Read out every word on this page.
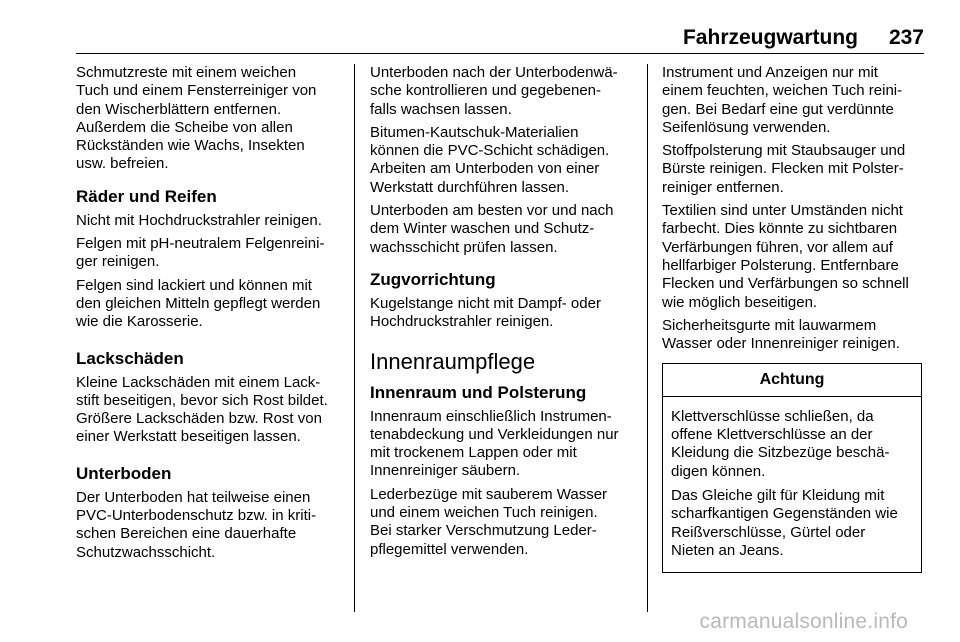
Fahrzeugwartung 237

Schmutzreste mit einem weichen
Tuch und einem Fensterreiniger von
den Wischerblättern entfernen.
Außerdem die Scheibe von allen
Rückständen wie Wachs, Insekten
usw. befreien.

Räder und Reifen

Nicht mit Hochdruckstrahler reinigen.

Felgen mit pH-neutralem Felgenreini-
ger reinigen.

Felgen sind lackiert und können mit
den gleichen Mitteln gepflegt werden
wie die Karosserie.

Lackschäden

Kleine Lackschäden mit einem Lack-
stift beseitigen, bevor sich Rost bildet.
Größere Lackschäden bzw. Rost von
einer Werkstatt beseitigen lassen.

Unterboden

Der Unterboden hat teilweise einen
PVC-Unterbodenschutz bzw. in kriti-
schen Bereichen eine dauerhafte
Schutzwachsschicht.

Unterboden nach der Unterbodenwä-
sche kontrollieren und gegebenen-
falls wachsen lassen.

Bitumen-Kautschuk-Materialien
können die PVC-Schicht schädigen.
Arbeiten am Unterboden von einer
Werkstatt durchführen lassen.

Unterboden am besten vor und nach
dem Winter waschen und Schutz-
wachsschicht prüfen lassen.

Zugvorrichtung

Kugelstange nicht mit Dampf- oder
Hochdruckstrahler reinigen.

Innenraumpflege
Innenraum und Polsterung

Innenraum einschließlich Instrumen-
tenabdeckung und Verkleidungen nur
mit trockenem Lappen oder mit
Innenreiniger säubern.

Lederbezüge mit sauberem Wasser
und einem weichen Tuch reinigen.
Bei starker Verschmutzung Leder-
pflegemittel verwenden.

Instrument und Anzeigen nur mit
einem feuchten, weichen Tuch reini-
gen. Bei Bedarf eine gut verdünnte
Seifenlösung verwenden.

Stoffpolsterung mit Staubsauger und
Bürste reinigen. Flecken mit Polster-
reiniger entfernen.

Textilien sind unter Umständen nicht
farbecht. Dies könnte zu sichtbaren
Verfärbungen führen, vor allem auf
hellfarbiger Polsterung. Entfernbare
Flecken und Verfärbungen so schnell
wie möglich beseitigen.

Sicherheitsgurte mit lauwarmem
Wasser oder Innenreiniger reinigen.

Achtung

Klettverschlüsse schließen, da
offene Klettverschlüsse an der
Kleidung die Sitzbezüge beschä-
digen können.

Das Gleiche gilt für Kleidung mit
scharfkantigen Gegenständen wie
Reißverschlüsse, Gürtel oder
Nieten an Jeans.

carmanualsonline.info
